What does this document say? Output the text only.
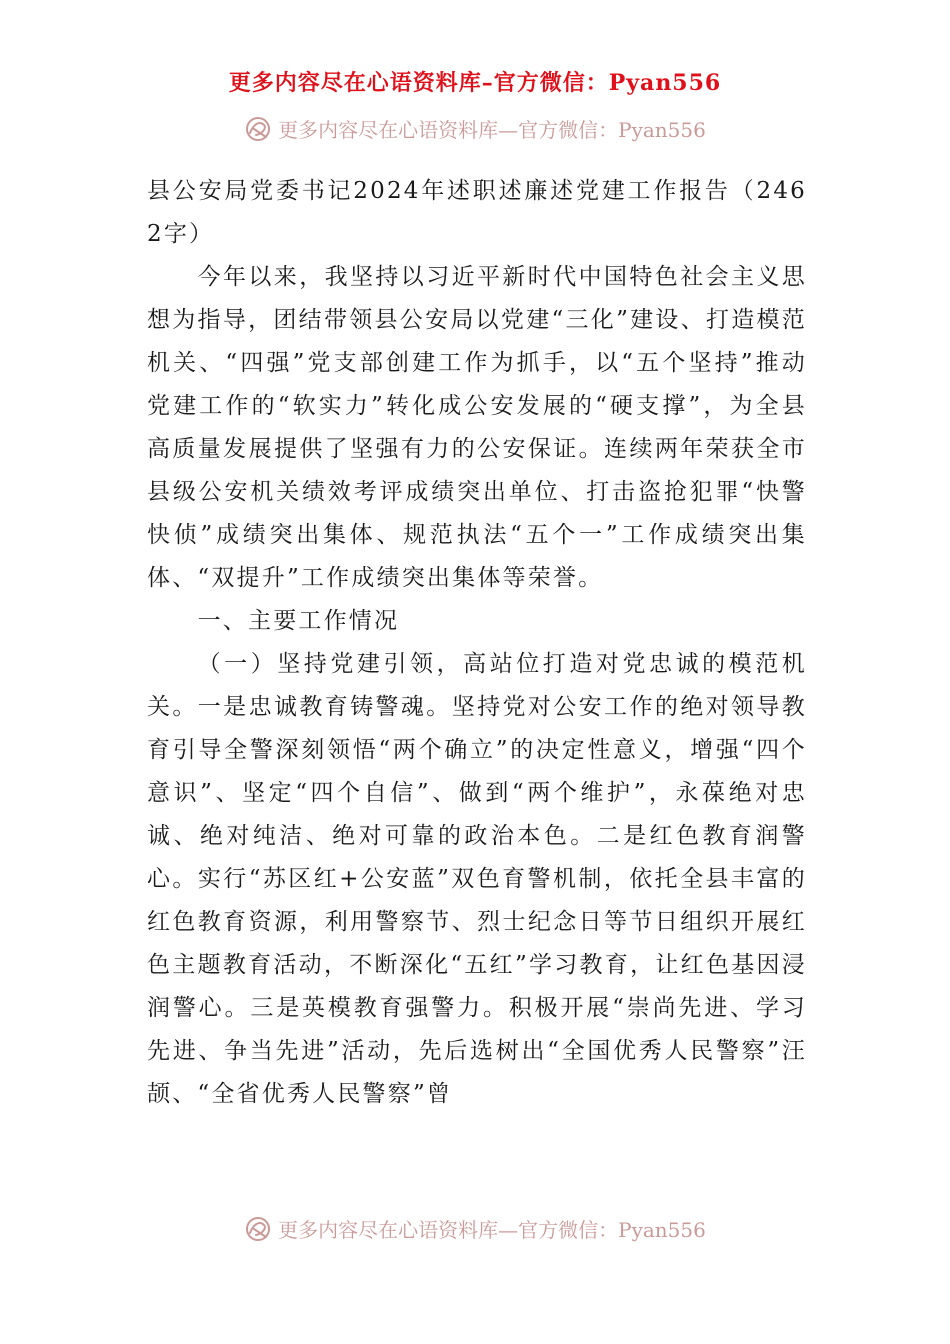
更多内容尽在心语资料库–官方微信：Pyan556
更多内容尽在心语资料库—官方微信：Pyan556

县公安局党委书记2024年述职述廉述党建工作报告（2462字）

今年以来，我坚持以习近平新时代中国特色社会主义思想为指导，团结带领县公安局以党建“三化”建设、打造模范机关、“四强”党支部创建工作为抓手，以“五个坚持”推动党建工作的“软实力”转化成公安发展的“硬支撑”，为全县高质量发展提供了坚强有力的公安保证。连续两年荣获全市县级公安机关绩效考评成绩突出单位、打击盗抢犯罪“快警快侦”成绩突出集体、规范执法“五个一”工作成绩突出集体、“双提升”工作成绩突出集体等荣誉。

一、主要工作情况

（一）坚持党建引领，高站位打造对党忠诚的模范机关。一是忠诚教育铸警魂。坚持党对公安工作的绝对领导教育引导全警深刻领悟“两个确立”的决定性意义，增强“四个意识”、坚定“四个自信”、做到“两个维护”，永葆绝对忠诚、绝对纯洁、绝对可靠的政治本色。二是红色教育润警心。实行“苏区红+公安蓝”双色育警机制，依托全县丰富的红色教育资源，利用警察节、烈士纪念日等节日组织开展红色主题教育活动，不断深化“五红”学习教育，让红色基因浸润警心。三是英模教育强警力。积极开展“崇尚先进、学习先进、争当先进”活动，先后选树出“全国优秀人民警察”汪颉、“全省优秀人民警察”曾

更多内容尽在心语资料库—官方微信：Pyan556
